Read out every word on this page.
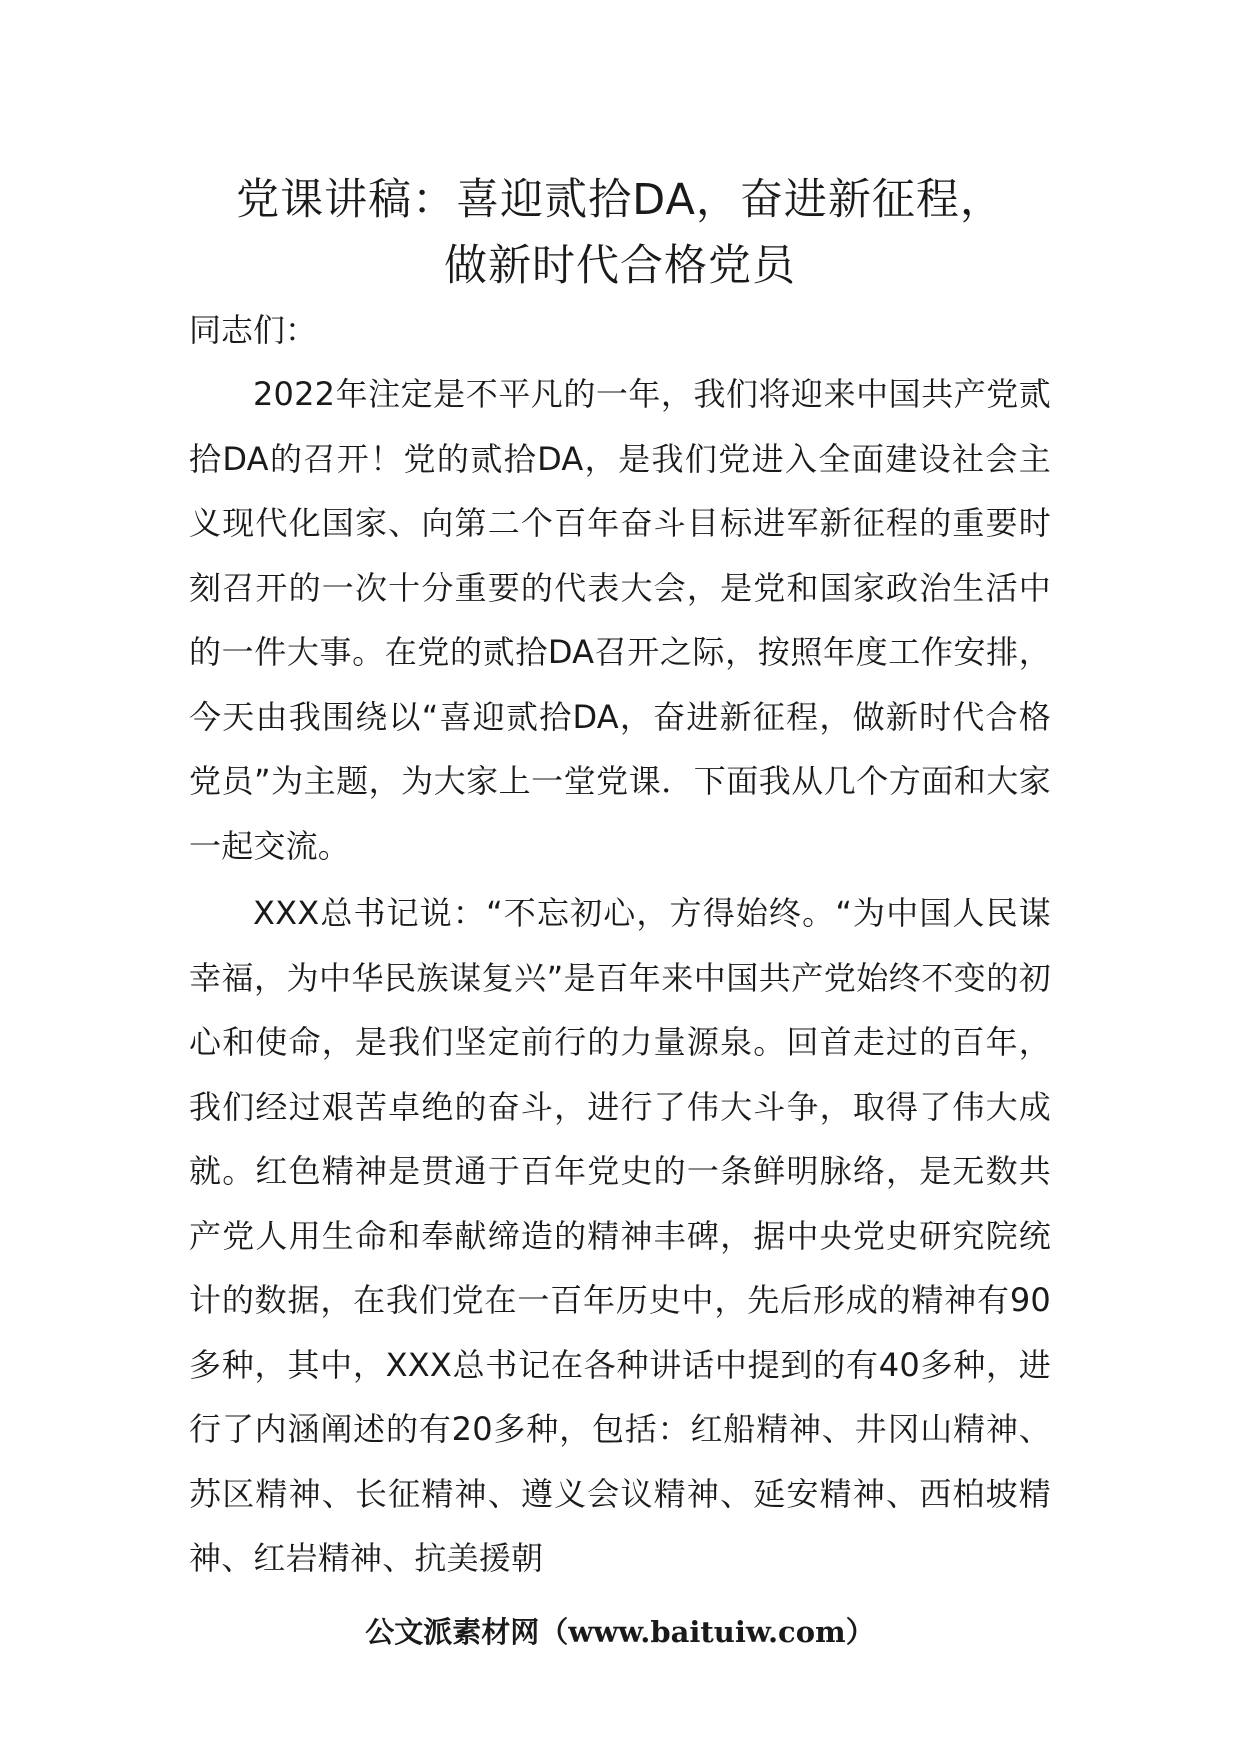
党课讲稿：喜迎贰拾DA，奋进新征程，
做新时代合格党员

同志们：

2022年注定是不平凡的一年，我们将迎来中国共产党贰拾DA的召开！党的贰拾DA，是我们党进入全面建设社会主义现代化国家、向第二个百年奋斗目标进军新征程的重要时刻召开的一次十分重要的代表大会，是党和国家政治生活中的一件大事。在党的贰拾DA召开之际，按照年度工作安排，今天由我围绕以“喜迎贰拾DA，奋进新征程，做新时代合格党员”为主题，为大家上一堂党课．下面我从几个方面和大家一起交流。

XXX总书记说：“不忘初心，方得始终。“为中国人民谋幸福，为中华民族谋复兴”是百年来中国共产党始终不变的初心和使命，是我们坚定前行的力量源泉。回首走过的百年，我们经过艰苦卓绝的奋斗，进行了伟大斗争，取得了伟大成就。红色精神是贯通于百年党史的一条鲜明脉络，是无数共产党人用生命和奉献缔造的精神丰碑，据中央党史研究院统计的数据，在我们党在一百年历史中，先后形成的精神有90多种，其中，XXX总书记在各种讲话中提到的有40多种，进行了内涵阐述的有20多种，包括：红船精神、井冈山精神、苏区精神、长征精神、遵义会议精神、延安精神、西柏坡精神、红岩精神、抗美援朝

公文派素材网（www.baituiw.com）
